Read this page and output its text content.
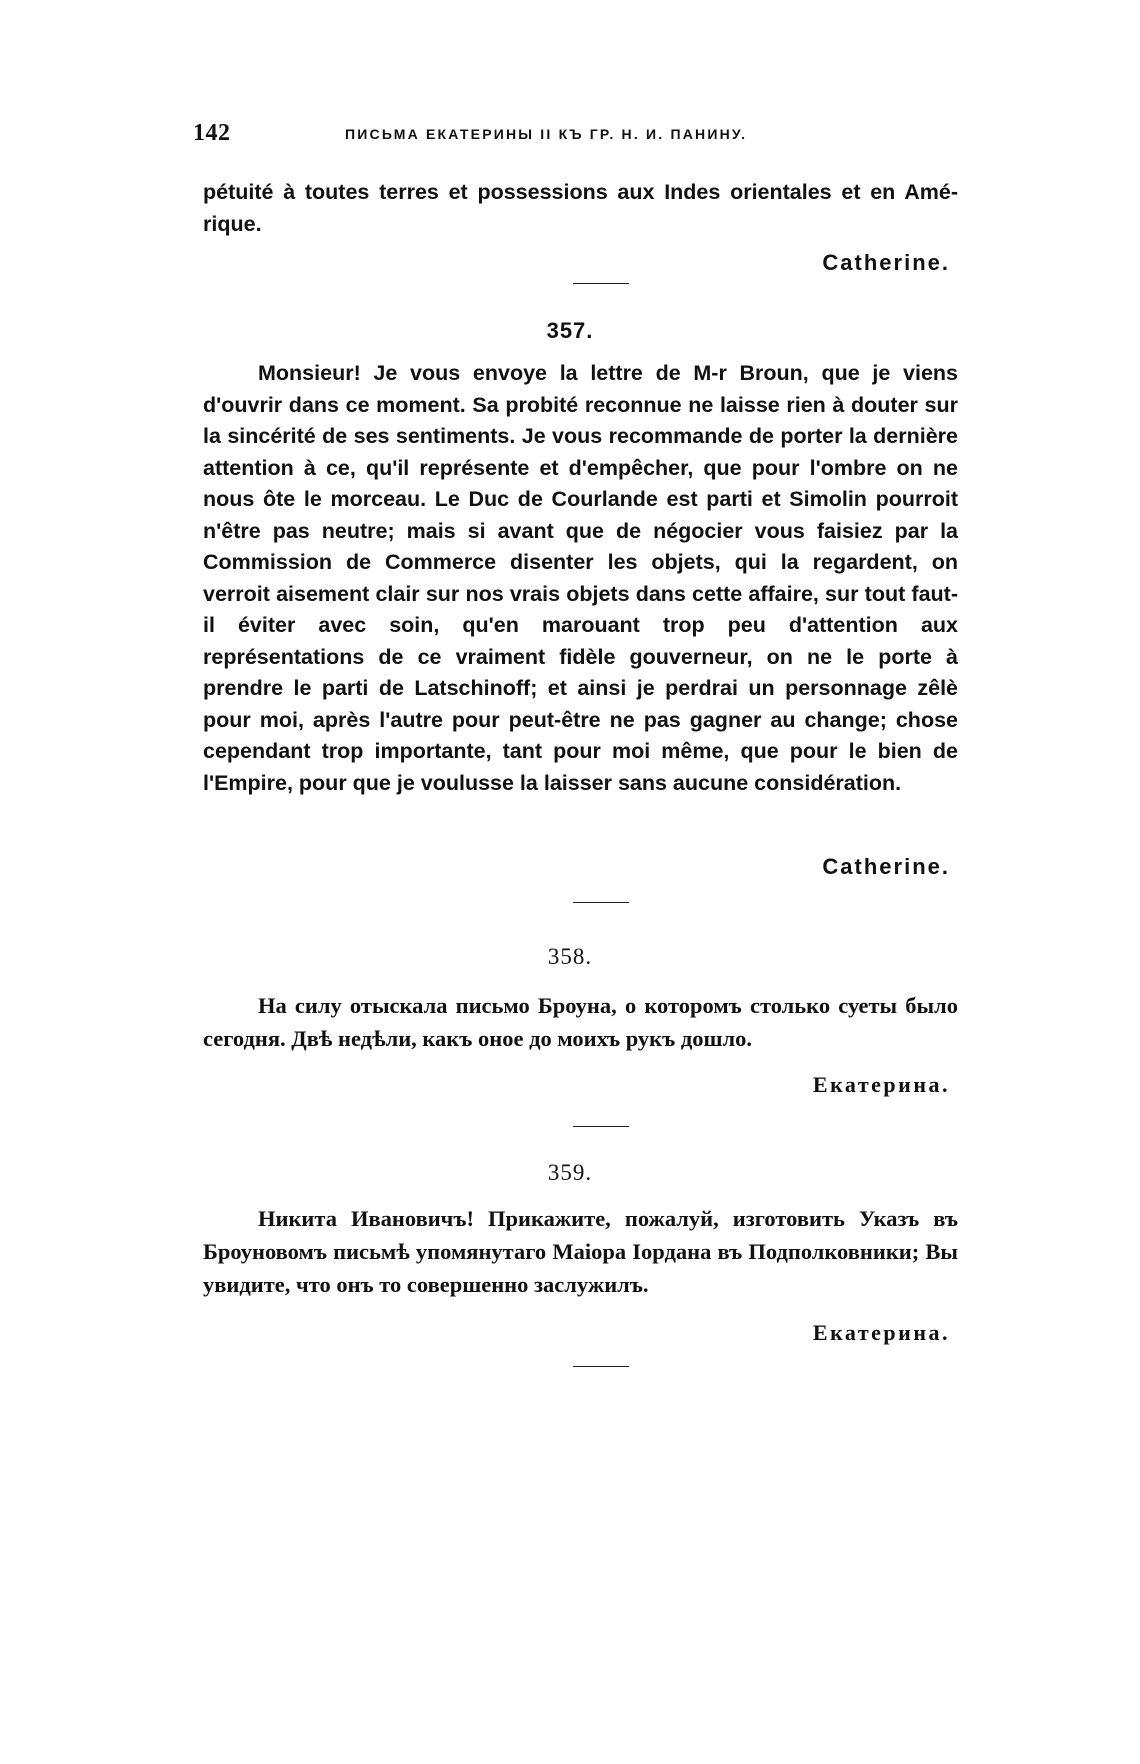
142	ПИСЬМА ЕКАТЕРИНЫ II КЪ ГР. Н. И. ПАНИНУ.

pétuité à toutes terres et possessions aux Indes orientales et en Amé-rique.

Catherine.
357.

Monsieur! Je vous envoye la lettre de M-r Broun, que je viens d'ouvrir dans ce moment. Sa probité reconnue ne laisse rien à douter sur la sincérité de ses sentiments. Je vous recommande de porter la dernière attention à ce, qu'il représente et d'empêcher, que pour l'ombre on ne nous ôte le morceau. Le Duc de Courlande est parti et Simolin pourroit n'être pas neutre; mais si avant que de négocier vous faisiez par la Commission de Commerce disenter les objets, qui la regardent, on verroit aisement clair sur nos vrais objets dans cette affaire, sur tout faut-il éviter avec soin, qu'en marouant trop peu d'attention aux représentations de ce vraiment fidèle gouverneur, on ne le porte à prendre le parti de Latschinoff; et ainsi je perdrai un personnage zêlè pour moi, après l'autre pour peut-être ne pas gagner au change; chose cependant trop importante, tant pour moi même, que pour le bien de l'Empire, pour que je voulusse la laisser sans aucune considération.

Catherine.
358.

На силу отыскала письмо Броуна, о которомъ столько суеты было сегодня. Двѣ недѣли, какъ оное до моихъ рукъ дошло.

Екатерина.
359.

Никита Ивановичъ! Прикажите, пожалуй, изготовить Указъ въ Броуновомъ письмѣ упомянутаго Маіора Іордана въ Подполковники; Вы увидите, что онъ то совершенно заслужилъ.

Екатерина.
